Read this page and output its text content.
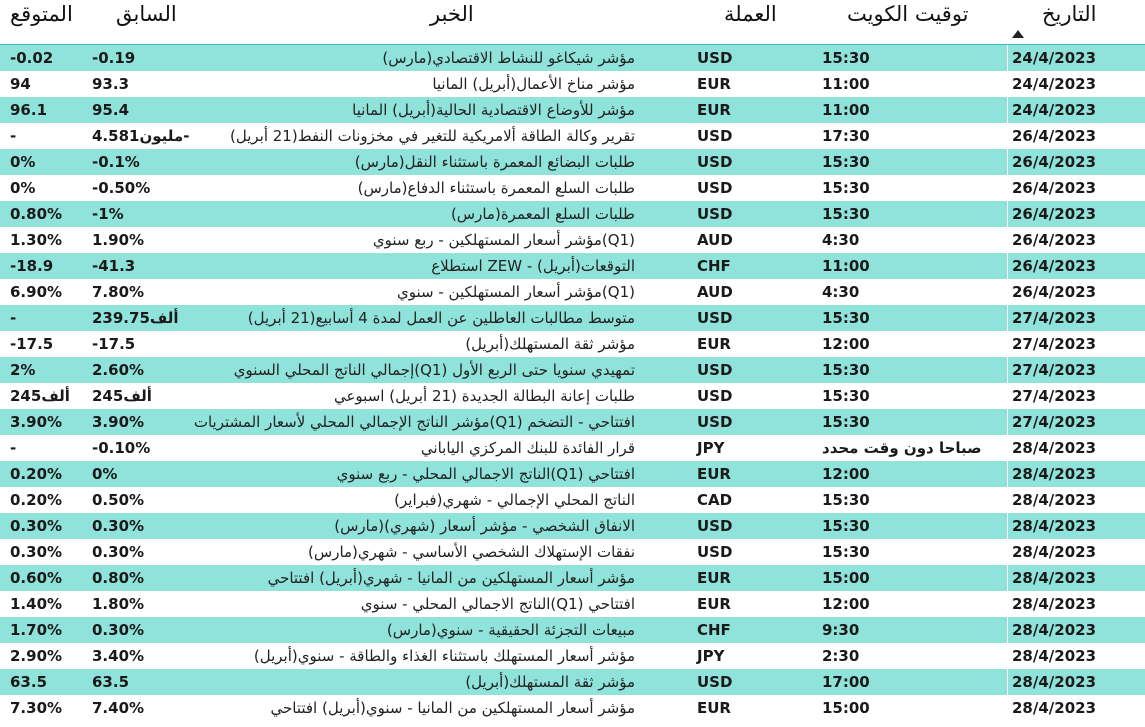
المتوقع السابق	الخبر	العملة	توقيت الكويت	التاريخ
-0.02	-0.19	مؤشر شيكاغو للنشاط الاقتصادي(مارس)	USD	15:30	24/4/2023
94	93.3	مؤشر مناخ الأعمال(أبريل) المانيا	EUR	11:00	24/4/2023
96.1	95.4	مؤشر للأوضاع الاقتصادية الحالية(أبريل) المانيا	EUR	11:00	24/4/2023
-	مليون4.581-	تقرير وكالة الطاقة ألامريكية للتغير في مخزونات النفط(21 أبريل)	USD	17:30	26/4/2023
0%	-0.1%	طلبات البضائع المعمرة باستثناء النقل(مارس)	USD	15:30	26/4/2023
0%	-0.50%	طلبات السلع المعمرة باستثناء الدفاع(مارس)	USD	15:30	26/4/2023
0.80%	-1%	طلبات السلع المعمرة(مارس)	USD	15:30	26/4/2023
1.30%	1.90%	(Q1)مؤشر أسعار المستهلكين - ربع سنوي	AUD	4:30	26/4/2023
-18.9	-41.3	التوقعات(أبريل) - ZEW استطلاع	CHF	11:00	26/4/2023
6.90%	7.80%	(Q1)مؤشر أسعار المستهلكين - سنوي	AUD	4:30	26/4/2023
-	ألف239.75	متوسط مطالبات العاطلين عن العمل لمدة 4 أسابيع(21 أبريل)	USD	15:30	27/4/2023
-17.5	-17.5	مؤشر ثقة المستهلك(أبريل)	EUR	12:00	27/4/2023
2%	2.60%	تمهيدي سنويا حتى الربع الأول (Q1)إجمالي الناتج المحلي السنوي	USD	15:30	27/4/2023
ألف245	ألف245	طلبات إعانة البطالة الجديدة (21 أبريل) اسبوعي	USD	15:30	27/4/2023
3.90%	3.90%	افتتاحي - التضخم (Q1)مؤشر الناتج الإجمالي المحلي لأسعار المشتريات	USD	15:30	27/4/2023
-	-0.10%	قرار الفائدة للبنك المركزي الياباني	JPY	صباحا دون وقت محدد	28/4/2023
0.20%	0%	افتتاحي (Q1)الناتج الاجمالي المحلي - ربع سنوي	EUR	12:00	28/4/2023
0.20%	0.50%	الناتج المحلي الإجمالي - شهري(فبراير)	CAD	15:30	28/4/2023
0.30%	0.30%	الانفاق الشخصي - مؤشر أسعار (شهري)(مارس)	USD	15:30	28/4/2023
0.30%	0.30%	نفقات الإستهلاك الشخصي الأساسي - شهري(مارس)	USD	15:30	28/4/2023
0.60%	0.80%	مؤشر أسعار المستهلكين من المانيا - شهري(أبريل) افتتاحي	EUR	15:00	28/4/2023
1.40%	1.80%	افتتاحي (Q1)الناتج الاجمالي المحلي - سنوي	EUR	12:00	28/4/2023
1.70%	0.30%	مبيعات التجزئة الحقيقية - سنوي(مارس)	CHF	9:30	28/4/2023
2.90%	3.40%	مؤشر أسعار المستهلك باستثناء الغذاء والطاقة - سنوي(أبريل)	JPY	2:30	28/4/2023
63.5	63.5	مؤشر ثقة المستهلك(أبريل)	USD	17:00	28/4/2023
7.30%	7.40%	مؤشر أسعار المستهلكين من المانيا - سنوي(أبريل) افتتاحي	EUR	15:00	28/4/2023
